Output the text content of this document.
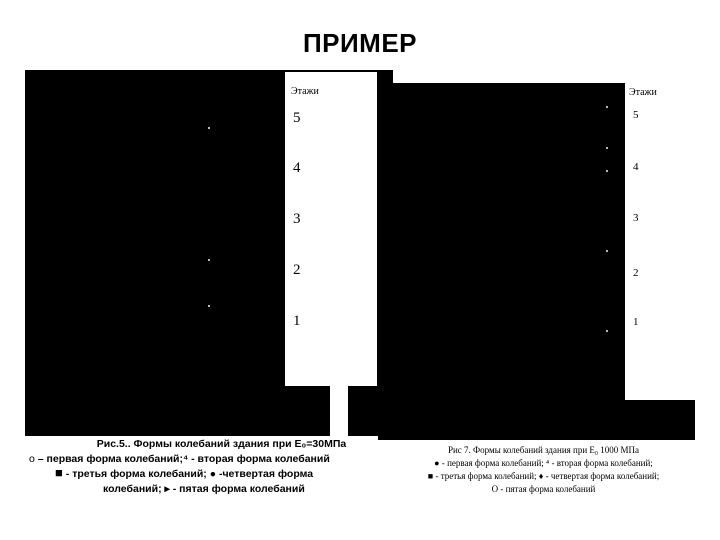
ПРИМЕР
Этажи
5
4
3
2
1
Рис.5.. Формы колебаний здания при Е₀=30МПа
о – первая форма колебаний;⁴ - вторая форма колебаний
■ - третья форма колебаний; ● -четвертая форма
колебаний; ▸ - пятая форма колебаний
Этажи
5
4
3
2
1
Рис 7. Формы колебаний здания при Е₀ 1000 МПа
● - первая форма колебаний; ⁴ - вторая форма колебаний;
■ - третья форма колебаний; ♦ - четвертая форма колебаний;
О - пятая форма колебаний
